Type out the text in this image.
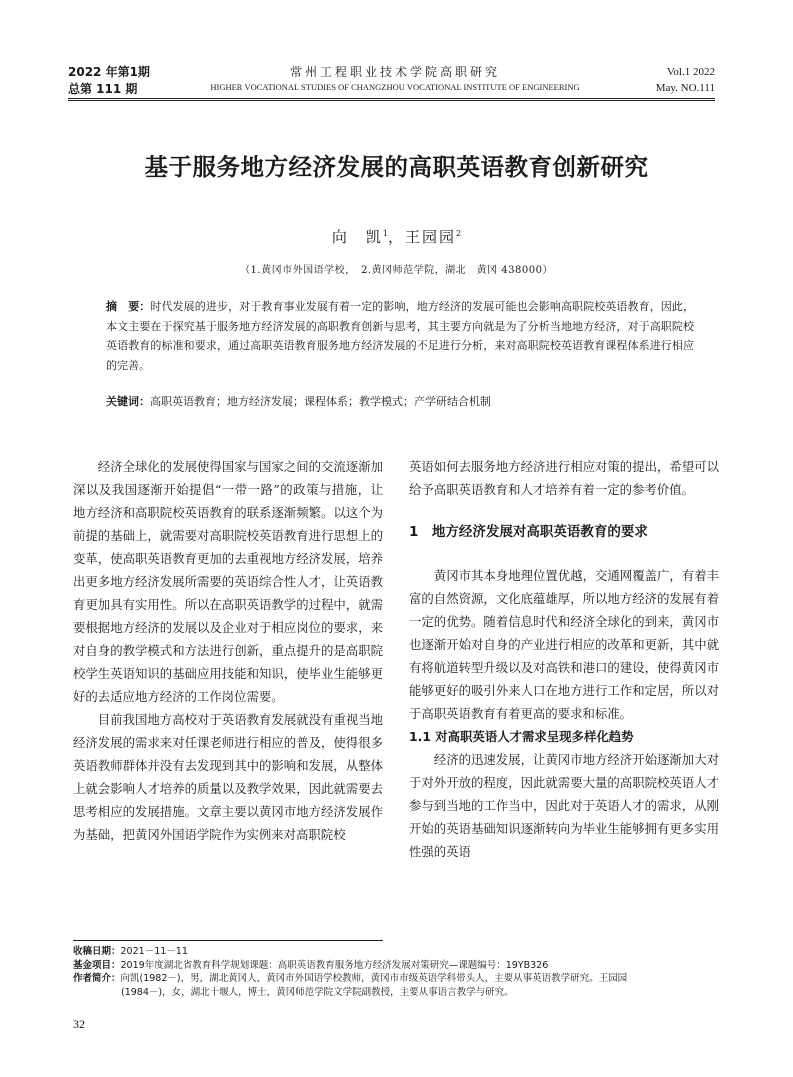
2022 年第1期
总第 111 期
常州工程职业技术学院高职研究
HIGHER VOCATIONAL STUDIES OF CHANGZHOU VOCATIONAL INSTITUTE OF ENGINEERING
Vol.1 2022
May. NO.111
基于服务地方经济发展的高职英语教育创新研究
向　凯$^1$，王园园$^2$
（1.黄冈市外国语学校，　2.黄冈师范学院，湖北　黄冈 438000）
摘　要：时代发展的进步，对于教育事业发展有着一定的影响，地方经济的发展可能也会影响高职院校英语教育，因此，本文主要在于探究基于服务地方经济发展的高职教育创新与思考，其主要方向就是为了分析当地地方经济，对于高职院校英语教育的标准和要求，通过高职英语教育服务地方经济发展的不足进行分析，来对高职院校英语教育课程体系进行相应的完善。
关键词：高职英语教育；地方经济发展；课程体系；教学模式；产学研结合机制

经济全球化的发展使得国家与国家之间的交流逐渐加深以及我国逐渐开始提倡“一带一路”的政策与措施，让地方经济和高职院校英语教育的联系逐渐频繁。以这个为前提的基础上，就需要对高职院校英语教育进行思想上的变革，使高职英语教育更加的去重视地方经济发展，培养出更多地方经济发展所需要的英语综合性人才，让英语教育更加具有实用性。所以在高职英语教学的过程中，就需要根据地方经济的发展以及企业对于相应岗位的要求，来对自身的教学模式和方法进行创新，重点提升的是高职院校学生英语知识的基础应用技能和知识，使毕业生能够更好的去适应地方经济的工作岗位需要。

目前我国地方高校对于英语教育发展就没有重视当地经济发展的需求来对任课老师进行相应的普及，使得很多英语教师群体并没有去发现到其中的影响和发展，从整体上就会影响人才培养的质量以及教学效果，因此就需要去思考相应的发展措施。文章主要以黄冈市地方经济发展作为基础，把黄冈外国语学院作为实例来对高职院校

英语如何去服务地方经济进行相应对策的提出，希望可以给予高职英语教育和人才培养有着一定的参考价值。

1　地方经济发展对高职英语教育的要求

黄冈市其本身地理位置优越，交通网覆盖广，有着丰富的自然资源，文化底蕴雄厚，所以地方经济的发展有着一定的优势。随着信息时代和经济全球化的到来，黄冈市也逐渐开始对自身的产业进行相应的改革和更新，其中就有将航道转型升级以及对高铁和港口的建设，使得黄冈市能够更好的吸引外来人口在地方进行工作和定居，所以对于高职英语教育有着更高的要求和标准。

1.1 对高职英语人才需求呈现多样化趋势

经济的迅速发展，让黄冈市地方经济开始逐渐加大对于对外开放的程度，因此就需要大量的高职院校英语人才参与到当地的工作当中，因此对于英语人才的需求，从刚开始的英语基础知识逐渐转向为毕业生能够拥有更多实用性强的英语

收稿日期：2021－11－11
基金项目：2019年度湖北省教育科学规划课题：高职英语教育服务地方经济发展对策研究—课题编号：19YB326
作者简介：向凯(1982－)，男，湖北黄冈人，黄冈市外国语学校教师，黄冈市市级英语学科带头人，主要从事英语教学研究。王园园
(1984－)，女，湖北十堰人，博士，黄冈师范学院文学院副教授，主要从事语言教学与研究。
32
